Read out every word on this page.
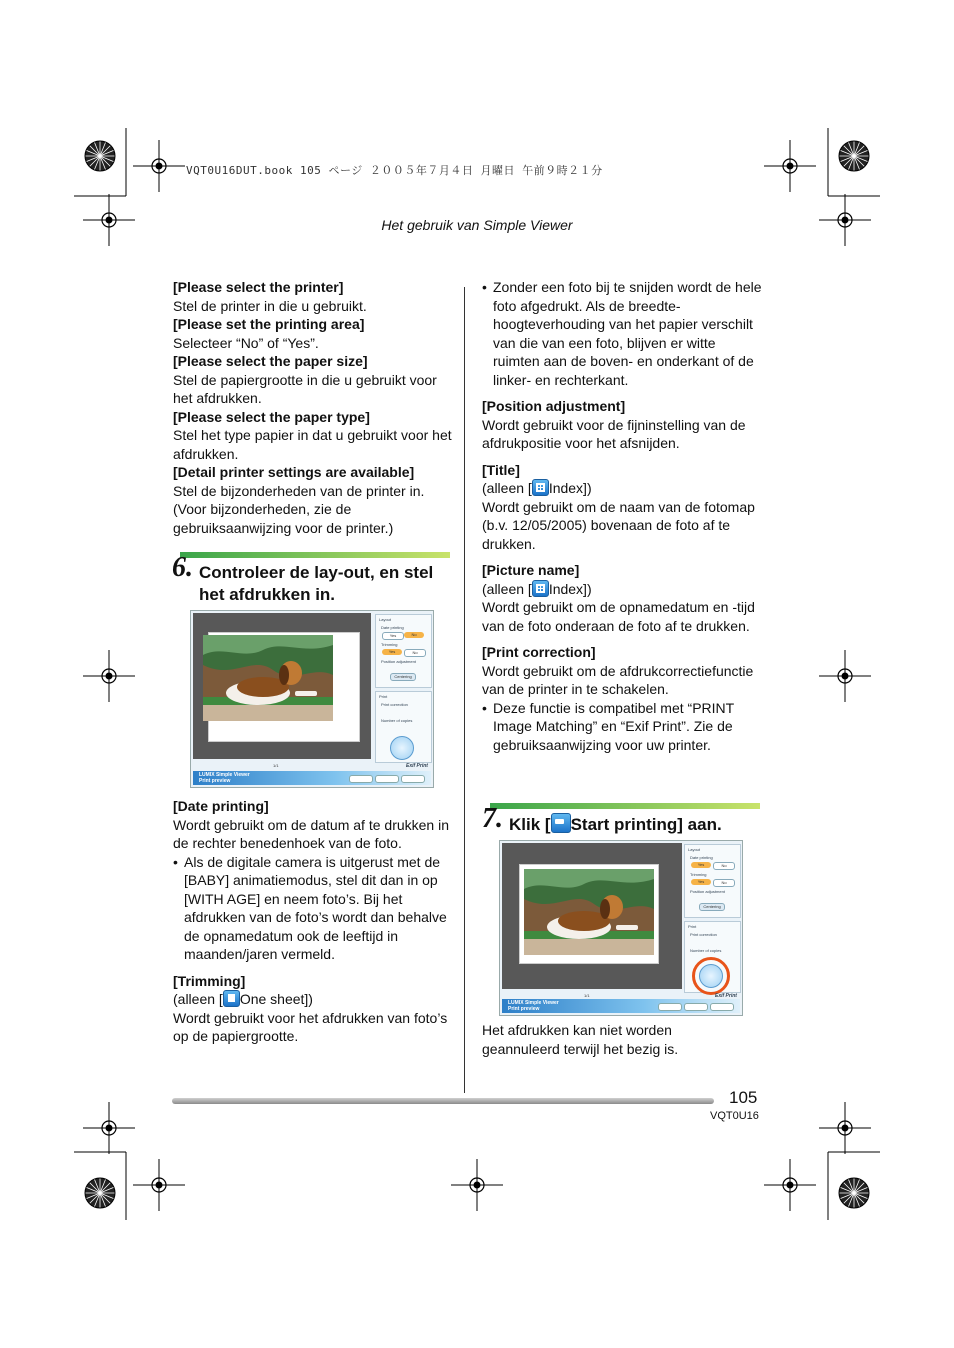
VQT0U16DUT.book 105 ページ ２００５年７月４日 月曜日 午前９時２１分
Het gebruik van Simple Viewer

[Please select the printer]

Stel de printer in die u gebruikt.

[Please set the printing area]

Selecteer “No” of “Yes”.

[Please select the paper size]

Stel de papiergrootte in die u gebruikt voor het afdrukken.

[Please select the paper type]

Stel het type papier in dat u gebruikt voor het afdrukken.

[Detail printer settings are available]

Stel de bijzonderheden van de printer in. (Voor bijzonderheden, zie de gebruiksaanwijzing voor de printer.)

6. Controleer de lay-out, en stel het afdrukken in.
1/1
Layout
Date printing
Yes	No
Trimming
Yes	No
Position adjustment
Centering
Print
Print correction
Number of copies
Exif Print
LUMIX Simple Viewer
Print preview

[Date printing]

Wordt gebruikt om de datum af te drukken in de rechter benedenhoek van de foto.

• Als de digitale camera is uitgerust met de [BABY] animatiemodus, stel dit dan in op [WITH AGE] en neem foto’s. Bij het afdrukken van de foto’s wordt dan behalve de opnamedatum ook de leeftijd in maanden/jaren vermeld.

[Trimming]

(alleen [ One sheet])

Wordt gebruikt voor het afdrukken van foto’s op de papiergrootte.

• Zonder een foto bij te snijden wordt de hele foto afgedrukt. Als de breedte-hoogteverhouding van het papier verschilt van die van een foto, blijven er witte ruimten aan de boven- en onderkant of de linker- en rechterkant.

[Position adjustment]

Wordt gebruikt voor de fijninstelling van de afdrukpositie voor het afsnijden.

[Title]

(alleen [ Index])

Wordt gebruikt om de naam van de fotomap (b.v. 12/05/2005) bovenaan de foto af te drukken.

[Picture name]

(alleen [ Index])

Wordt gebruikt om de opnamedatum en -tijd van de foto onderaan de foto af te drukken.

[Print correction]

Wordt gebruikt om de afdrukcorrectiefunctie van de printer in te schakelen.

• Deze functie is compatibel met “PRINT Image Matching” en “Exif Print”. Zie de gebruiksaanwijzing voor uw printer.
7. Klik [ Start printing] aan.
1/1
Layout
Date printing
Yes	No
Trimming
Yes	No
Position adjustment
Centering
Print
Print correction
Number of copies
Exif Print
LUMIX Simple Viewer
Print preview

Het afdrukken kan niet worden geannuleerd terwijl het bezig is.

105
VQT0U16
